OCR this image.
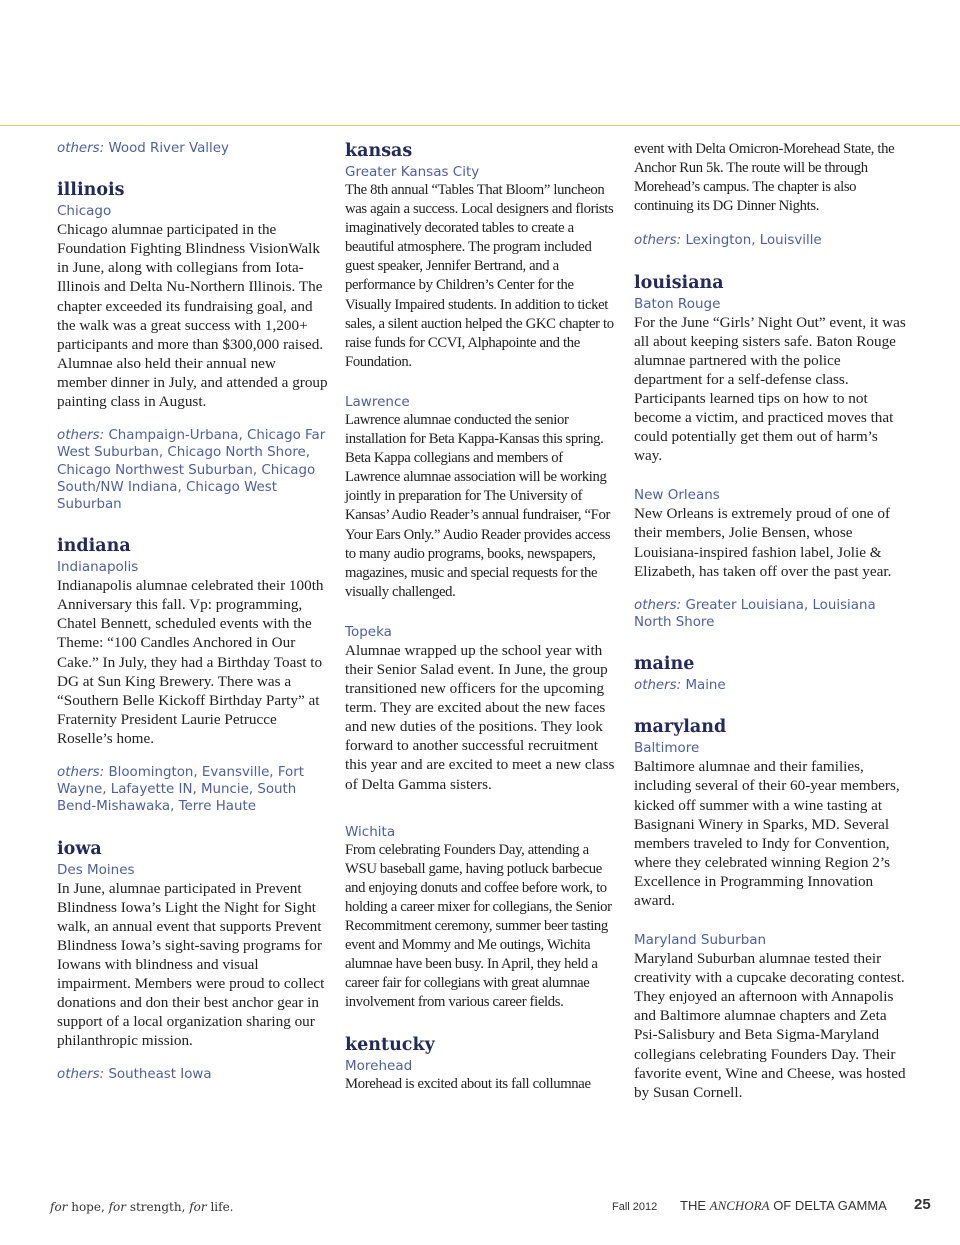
others: Wood River Valley

illinois

Chicago

Chicago alumnae participated in the Foundation Fighting Blindness VisionWalk in June, along with collegians from Iota-Illinois and Delta Nu-Northern Illinois. The chapter exceeded its fundraising goal, and the walk was a great success with 1,200+ participants and more than $300,000 raised. Alumnae also held their annual new member dinner in July, and attended a group painting class in August.

others: Champaign-Urbana, Chicago Far West Suburban, Chicago North Shore, Chicago Northwest Suburban, Chicago South/NW Indiana, Chicago West Suburban

indiana

Indianapolis

Indianapolis alumnae celebrated their 100th Anniversary this fall. Vp: programming, Chatel Bennett, scheduled events with the Theme: “100 Candles Anchored in Our Cake.” In July, they had a Birthday Toast to DG at Sun King Brewery. There was a “Southern Belle Kickoff Birthday Party” at Fraternity President Laurie Petrucce Roselle’s home.

others: Bloomington, Evansville, Fort Wayne, Lafayette IN, Muncie, South Bend-Mishawaka, Terre Haute

iowa

Des Moines

In June, alumnae participated in Prevent Blindness Iowa’s Light the Night for Sight walk, an annual event that supports Prevent Blindness Iowa’s sight-saving programs for Iowans with blindness and visual impairment. Members were proud to collect donations and don their best anchor gear in support of a local organization sharing our philanthropic mission.

others: Southeast Iowa

kansas

Greater Kansas City

The 8th annual “Tables That Bloom” luncheon was again a success. Local designers and florists imaginatively decorated tables to create a beautiful atmosphere. The program included guest speaker, Jennifer Bertrand, and a performance by Children’s Center for the Visually Impaired students. In addition to ticket sales, a silent auction helped the GKC chapter to raise funds for CCVI, Alphapointe and the Foundation.

Lawrence

Lawrence alumnae conducted the senior installation for Beta Kappa-Kansas this spring. Beta Kappa collegians and members of Lawrence alumnae association will be working jointly in preparation for The University of Kansas’ Audio Reader’s annual fundraiser, “For Your Ears Only.” Audio Reader provides access to many audio programs, books, newspapers, magazines, music and special requests for the visually challenged.

Topeka

Alumnae wrapped up the school year with their Senior Salad event. In June, the group transitioned new officers for the upcoming term. They are excited about the new faces and new duties of the positions. They look forward to another successful recruitment this year and are excited to meet a new class of Delta Gamma sisters.

Wichita

From celebrating Founders Day, attending a WSU baseball game, having potluck barbecue and enjoying donuts and coffee before work, to holding a career mixer for collegians, the Senior Recommitment ceremony, summer beer tasting event and Mommy and Me outings, Wichita alumnae have been busy. In April, they held a career fair for collegians with great alumnae involvement from various career fields.

kentucky

Morehead

Morehead is excited about its fall collumnae

event with Delta Omicron-Morehead State, the Anchor Run 5k. The route will be through Morehead’s campus. The chapter is also continuing its DG Dinner Nights.

others: Lexington, Louisville

louisiana

Baton Rouge

For the June “Girls’ Night Out” event, it was all about keeping sisters safe. Baton Rouge alumnae partnered with the police department for a self-defense class. Participants learned tips on how to not become a victim, and practiced moves that could potentially get them out of harm’s way.

New Orleans

New Orleans is extremely proud of one of their members, Jolie Bensen, whose Louisiana-inspired fashion label, Jolie & Elizabeth, has taken off over the past year.

others: Greater Louisiana, Louisiana North Shore

maine

others: Maine

maryland

Baltimore

Baltimore alumnae and their families, including several of their 60-year members, kicked off summer with a wine tasting at Basignani Winery in Sparks, MD. Several members traveled to Indy for Convention, where they celebrated winning Region 2’s Excellence in Programming Innovation award.

Maryland Suburban

Maryland Suburban alumnae tested their creativity with a cupcake decorating contest. They enjoyed an afternoon with Annapolis and Baltimore alumnae chapters and Zeta Psi-Salisbury and Beta Sigma-Maryland collegians celebrating Founders Day. Their favorite event, Wine and Cheese, was hosted by Susan Cornell.

for hope, for strength, for life.	Fall 2012 THE ANCHORA OF DELTA GAMMA 25
